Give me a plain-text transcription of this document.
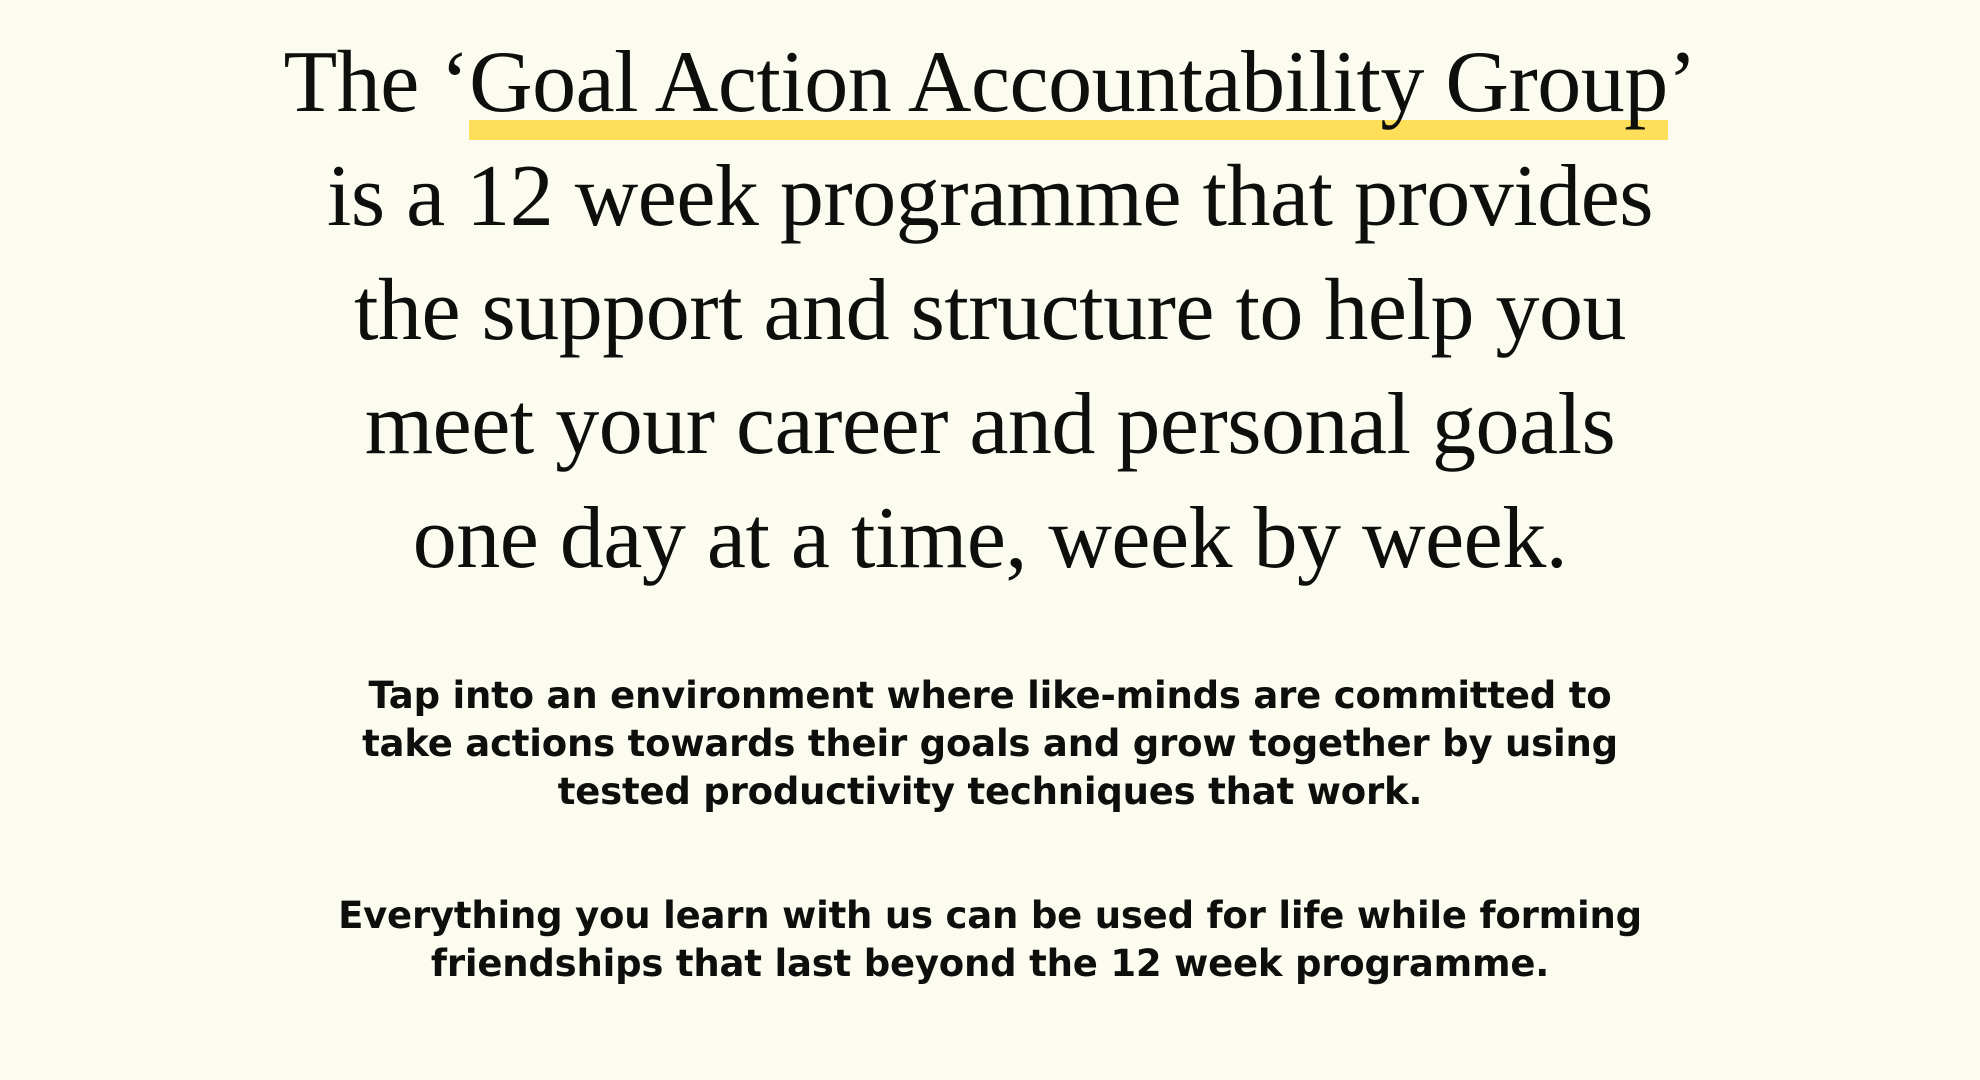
The ‘Goal Action Accountability Group’
is a 12 week programme that provides
the support and structure to help you
meet your career and personal goals
one day at a time, week by week.

Tap into an environment where like-minds are committed to
take actions towards their goals and grow together by using
tested productivity techniques that work.

Everything you learn with us can be used for life while forming
friendships that last beyond the 12 week programme.
